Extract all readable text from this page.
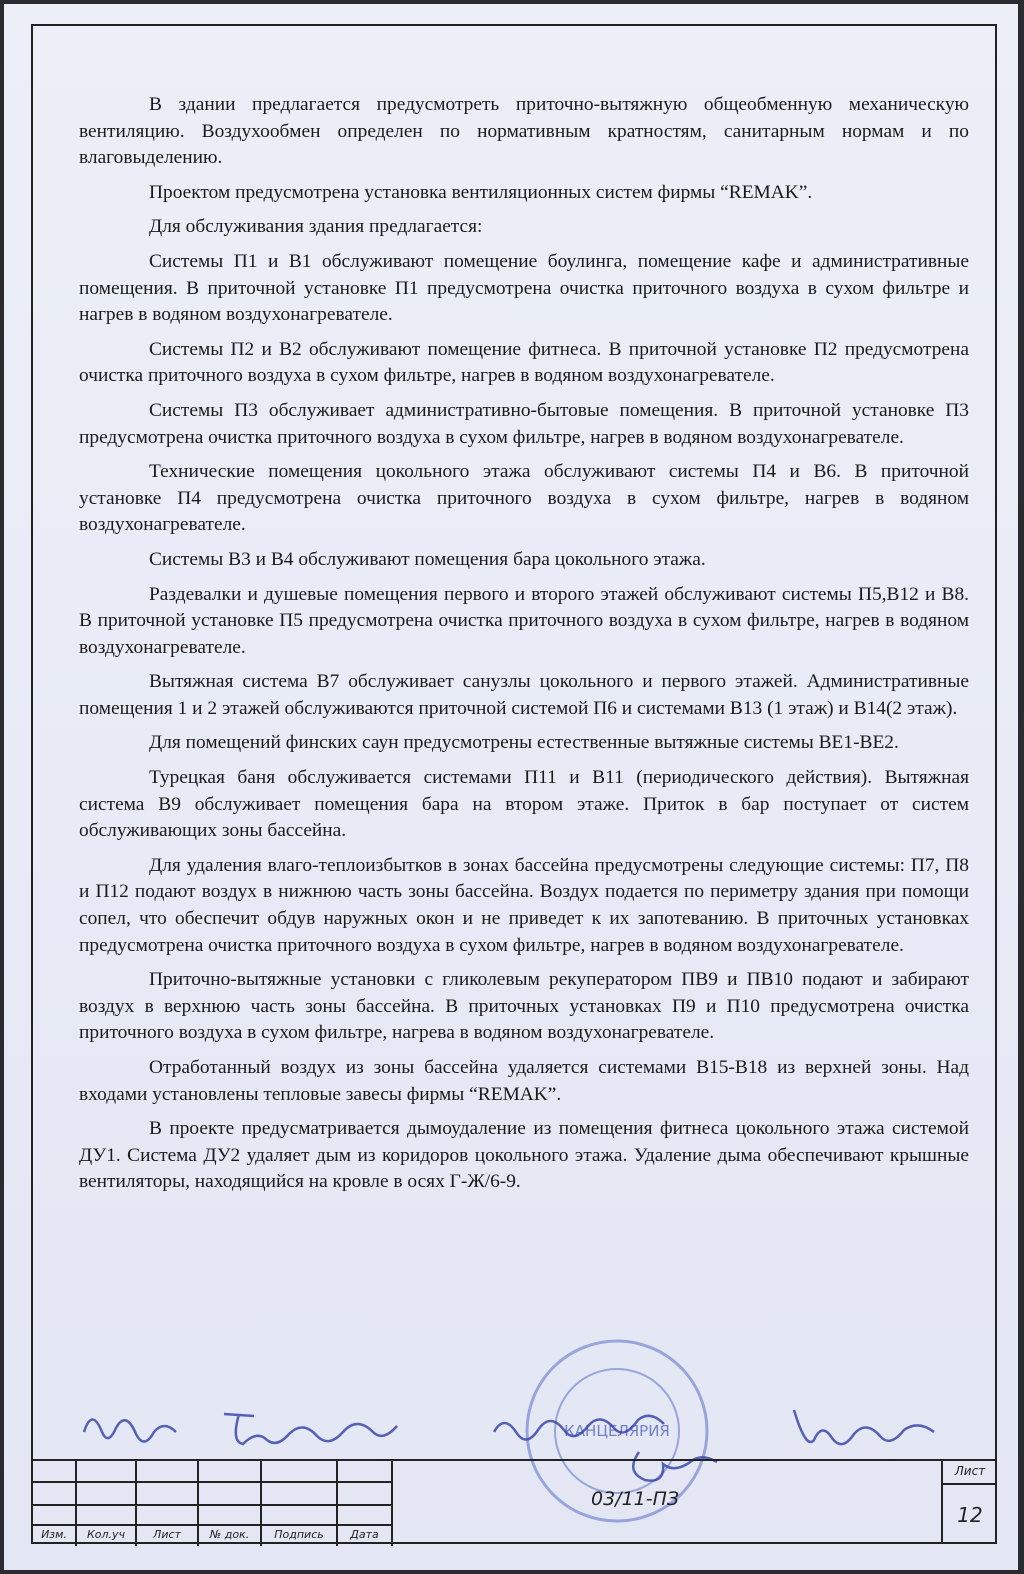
В здании предлагается предусмотреть приточно-вытяжную общеобменную механическую вентиляцию. Воздухообмен определен по нормативным кратностям, санитарным нормам и по влаговыделению.

Проектом предусмотрена установка вентиляционных систем фирмы “REMAK”.

Для обслуживания здания предлагается:

Системы П1 и В1 обслуживают помещение боулинга, помещение кафе и административные помещения. В приточной установке П1 предусмотрена очистка приточного воздуха в сухом фильтре и нагрев в водяном воздухонагревателе.

Системы П2 и В2 обслуживают помещение фитнеса. В приточной установке П2 предусмотрена очистка приточного воздуха в сухом фильтре, нагрев в водяном воздухонагревателе.

Системы П3 обслуживает административно-бытовые помещения. В приточной установке П3 предусмотрена очистка приточного воздуха в сухом фильтре, нагрев в водяном воздухонагревателе.

Технические помещения цокольного этажа обслуживают системы П4 и В6. В приточной установке П4 предусмотрена очистка приточного воздуха в сухом фильтре, нагрев в водяном воздухонагревателе.

Системы В3 и В4 обслуживают помещения бара цокольного этажа.

Раздевалки и душевые помещения первого и второго этажей обслуживают системы П5,В12 и В8. В приточной установке П5 предусмотрена очистка приточного воздуха в сухом фильтре, нагрев в водяном воздухонагревателе.

Вытяжная система В7 обслуживает санузлы цокольного и первого этажей. Административные помещения 1 и 2 этажей обслуживаются приточной системой П6 и системами В13 (1 этаж) и В14(2 этаж).

Для помещений финских саун предусмотрены естественные вытяжные системы ВЕ1-ВЕ2.

Турецкая баня обслуживается системами П11 и В11 (периодического действия). Вытяжная система В9 обслуживает помещения бара на втором этаже. Приток в бар поступает от систем обслуживающих зоны бассейна.

Для удаления влаго-теплоизбытков в зонах бассейна предусмотрены следующие системы: П7, П8 и П12 подают воздух в нижнюю часть зоны бассейна. Воздух подается по периметру здания при помощи сопел, что обеспечит обдув наружных окон и не приведет к их запотеванию. В приточных установках предусмотрена очистка приточного воздуха в сухом фильтре, нагрев в водяном воздухонагревателе.

Приточно-вытяжные установки с гликолевым рекуператором ПВ9 и ПВ10 подают и забирают воздух в верхнюю часть зоны бассейна. В приточных установках П9 и П10 предусмотрена очистка приточного воздуха в сухом фильтре, нагрева в водяном воздухонагревателе.

Отработанный воздух из зоны бассейна удаляется системами В15-В18 из верхней зоны. Над входами установлены тепловые завесы фирмы “REMAK”.

В проекте предусматривается дымоудаление из помещения фитнеса цокольного этажа системой ДУ1. Система ДУ2 удаляет дым из коридоров цокольного этажа. Удаление дыма обеспечивают крышные вентиляторы, находящийся на кровле в осях Г-Ж/6-9.

КАНЦЕЛЯРИЯ
Изм.	Кол.уч	Лист	№ док.	Подпись	Дата
03/11-ПЗ
Лист
12
